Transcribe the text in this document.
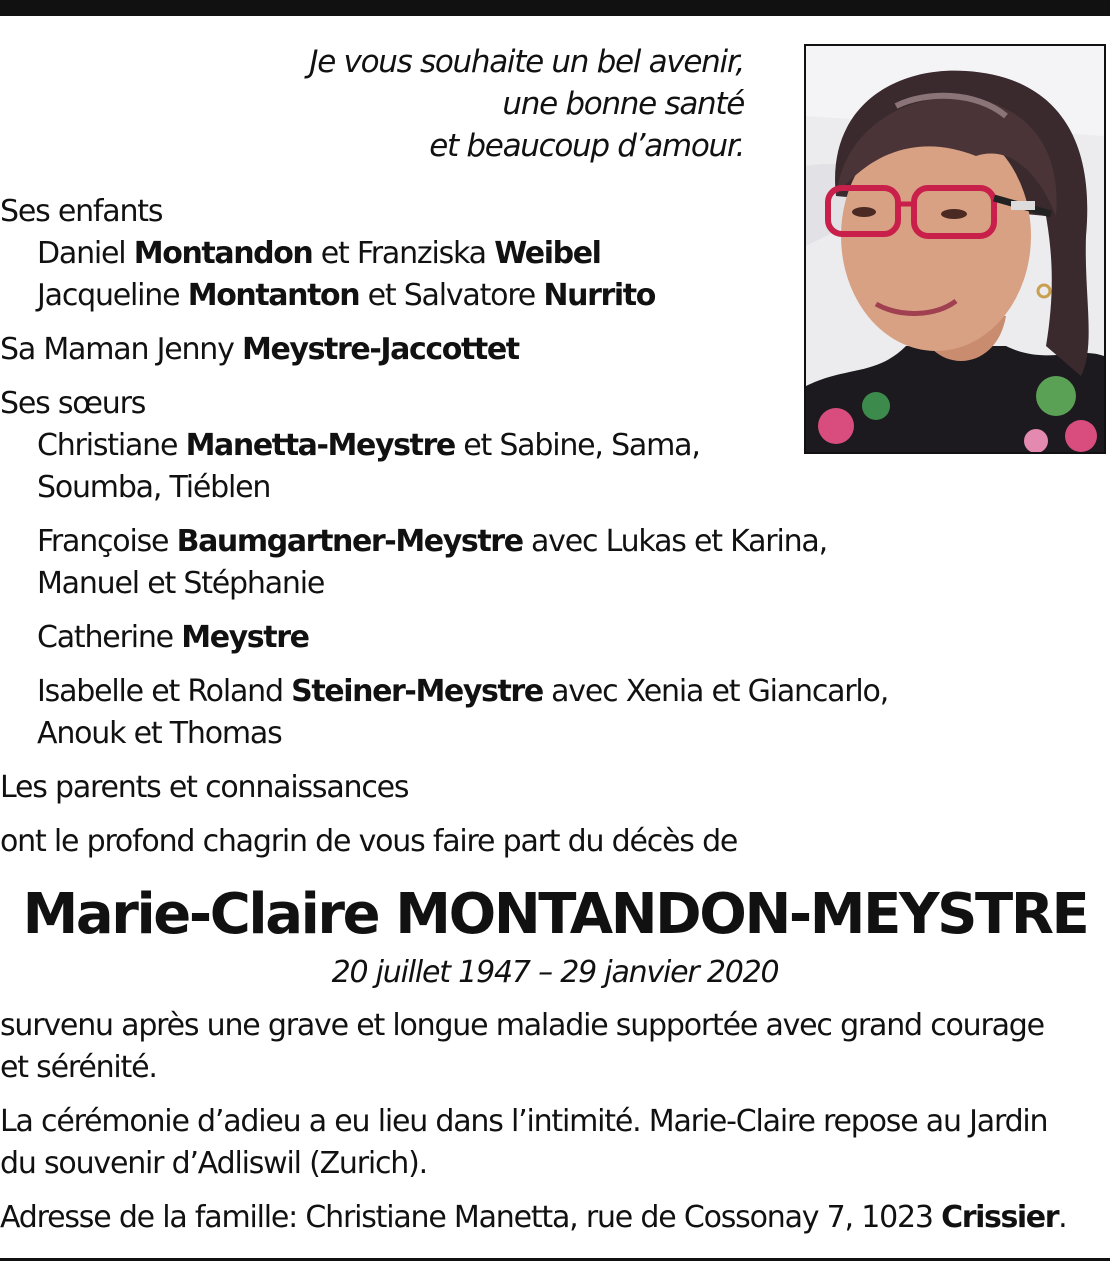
Je vous souhaite un bel avenir,
une bonne santé
et beaucoup d’amour.
Ses enfants
Daniel Montandon et Franziska Weibel
Jacqueline Montanton et Salvatore Nurrito
Sa Maman Jenny Meystre-Jaccottet
Ses sœurs
Christiane Manetta-Meystre et Sabine, Sama,
Soumba, Tiéblen
Françoise Baumgartner-Meystre avec Lukas et Karina,
Manuel et Stéphanie
Catherine Meystre
Isabelle et Roland Steiner-Meystre avec Xenia et Giancarlo,
Anouk et Thomas
Les parents et connaissances
ont le profond chagrin de vous faire part du décès de
Marie-Claire MONTANDON-MEYSTRE
20 juillet 1947 – 29 janvier 2020
survenu après une grave et longue maladie supportée avec grand courage
et sérénité.
La cérémonie d’adieu a eu lieu dans l’intimité. Marie-Claire repose au Jardin
du souvenir d’Adliswil (Zurich).
Adresse de la famille: Christiane Manetta, rue de Cossonay 7, 1023 Crissier.
